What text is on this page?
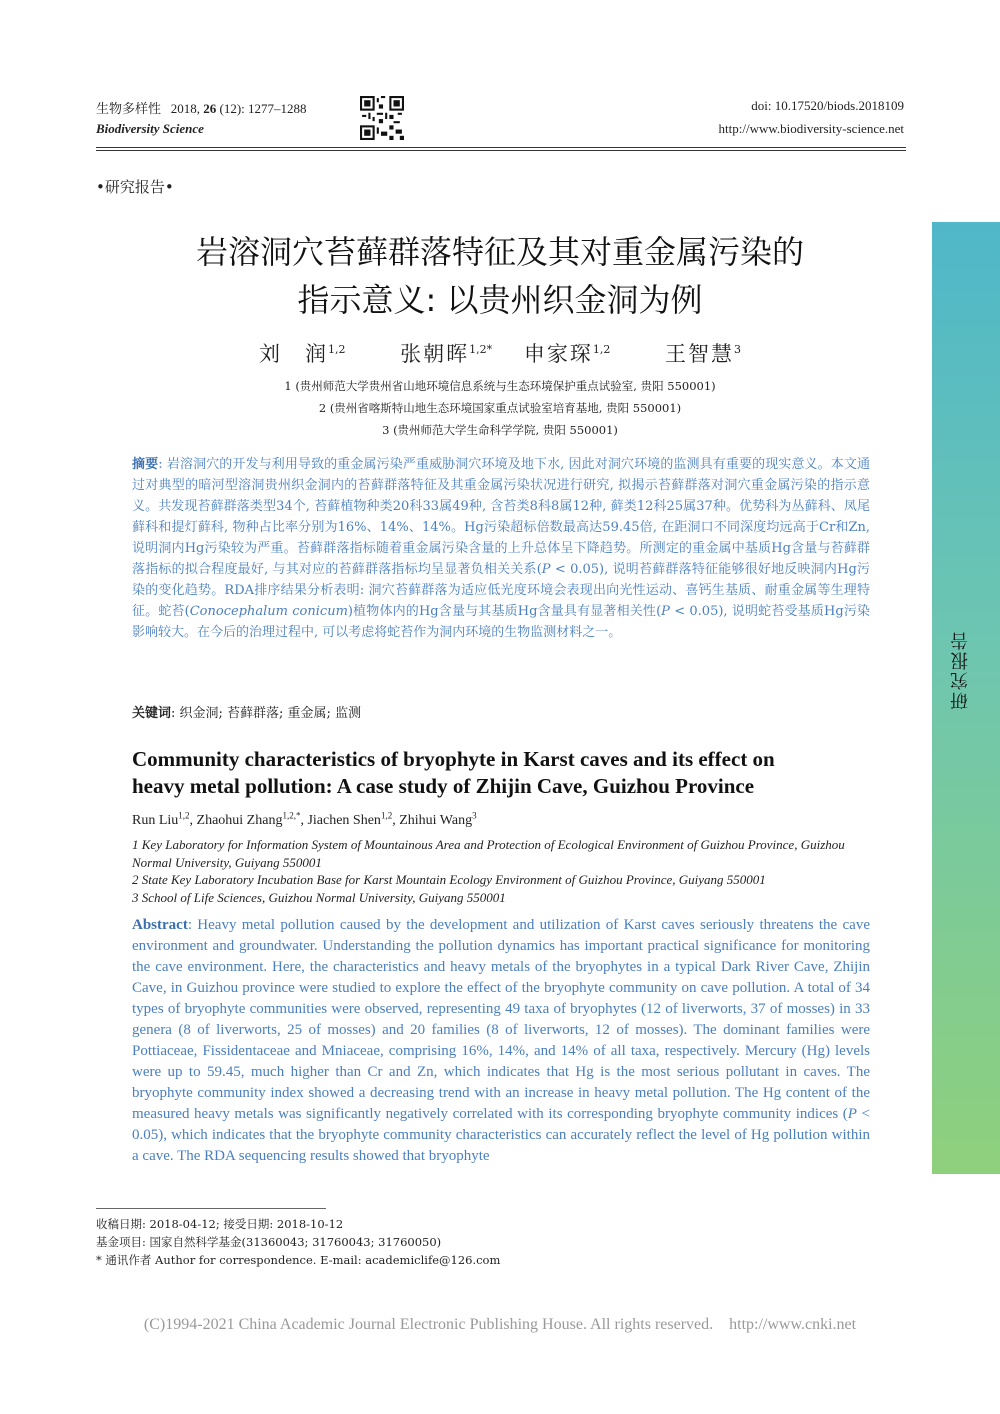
生物多样性 2018, 26 (12): 1277–1288
Biodiversity Science
doi: 10.17520/biods.2018109
http://www.biodiversity-science.net
•研究报告•
岩溶洞穴苔藓群落特征及其对重金属污染的
指示意义: 以贵州织金洞为例
刘　润$^{1,2}$  	张朝晖$^{1,2*}$  申家琛$^{1,2}$  	王智慧$^3$
1 (贵州师范大学贵州省山地环境信息系统与生态环境保护重点试验室, 贵阳 550001)
2 (贵州省喀斯特山地生态环境国家重点试验室培育基地, 贵阳 550001)
3 (贵州师范大学生命科学学院, 贵阳 550001)
摘要: 岩溶洞穴的开发与利用导致的重金属污染严重威胁洞穴环境及地下水, 因此对洞穴环境的监测具有重要的现实意义。本文通过对典型的暗河型溶洞贵州织金洞内的苔藓群落特征及其重金属污染状况进行研究, 拟揭示苔藓群落对洞穴重金属污染的指示意义。共发现苔藓群落类型34个, 苔藓植物种类20科33属49种, 含苔类8科8属12种, 藓类12科25属37种。优势科为丛藓科、凤尾藓科和提灯藓科, 物种占比率分别为16%、14%、14%。Hg污染超标倍数最高达59.45倍, 在距洞口不同深度均远高于Cr和Zn, 说明洞内Hg污染较为严重。苔藓群落指标随着重金属污染含量的上升总体呈下降趋势。所测定的重金属中基质Hg含量与苔藓群落指标的拟合程度最好, 与其对应的苔藓群落指标均呈显著负相关关系(P < 0.05), 说明苔藓群落特征能够很好地反映洞内Hg污染的变化趋势。RDA排序结果分析表明: 洞穴苔藓群落为适应低光度环境会表现出向光性运动、喜钙生基质、耐重金属等生理特征。蛇苔(Conocephalum conicum)植物体内的Hg含量与其基质Hg含量具有显著相关性(P < 0.05), 说明蛇苔受基质Hg污染影响较大。在今后的治理过程中, 可以考虑将蛇苔作为洞内环境的生物监测材料之一。
关键词: 织金洞; 苔藓群落; 重金属; 监测
Community characteristics of bryophyte in Karst caves and its effect on
heavy metal pollution: A case study of Zhijin Cave, Guizhou Province
Run Liu$^{1,2}$, Zhaohui Zhang$^{1,2,*}$, Jiachen Shen$^{1,2}$, Zhihui Wang$^3$
1 Key Laboratory for Information System of Mountainous Area and Protection of Ecological Environment of Guizhou Province, Guizhou Normal University, Guiyang 550001
2 State Key Laboratory Incubation Base for Karst Mountain Ecology Environment of Guizhou Province, Guiyang 550001
3 School of Life Sciences, Guizhou Normal University, Guiyang 550001
Abstract: Heavy metal pollution caused by the development and utilization of Karst caves seriously threatens the cave environment and groundwater. Understanding the pollution dynamics has important practical significance for monitoring the cave environment. Here, the characteristics and heavy metals of the bryophytes in a typical Dark River Cave, Zhijin Cave, in Guizhou province were studied to explore the effect of the bryophyte community on cave pollution. A total of 34 types of bryophyte communities were observed, representing 49 taxa of bryophytes (12 of liverworts, 37 of mosses) in 33 genera (8 of liverworts, 25 of mosses) and 20 families (8 of liverworts, 12 of mosses). The dominant families were Pottiaceae, Fissidentaceae and Mniaceae, comprising 16%, 14%, and 14% of all taxa, respectively. Mercury (Hg) levels were up to 59.45, much higher than Cr and Zn, which indicates that Hg is the most serious pollutant in caves. The bryophyte community index showed a decreasing trend with an increase in heavy metal pollution. The Hg content of the measured heavy metals was significantly negatively correlated with its corresponding bryophyte community indices (P < 0.05), which indicates that the bryophyte community characteristics can accurately reflect the level of Hg pollution within a cave. The RDA sequencing results showed that bryophyte
收稿日期: 2018-04-12; 接受日期: 2018-10-12
基金项目: 国家自然科学基金(31360043; 31760043; 31760050)
* 通讯作者 Author for correspondence. E-mail: academiclife@126.com
(C)1994-2021 China Academic Journal Electronic Publishing House. All rights reserved.    http://www.cnki.net
研究报告
